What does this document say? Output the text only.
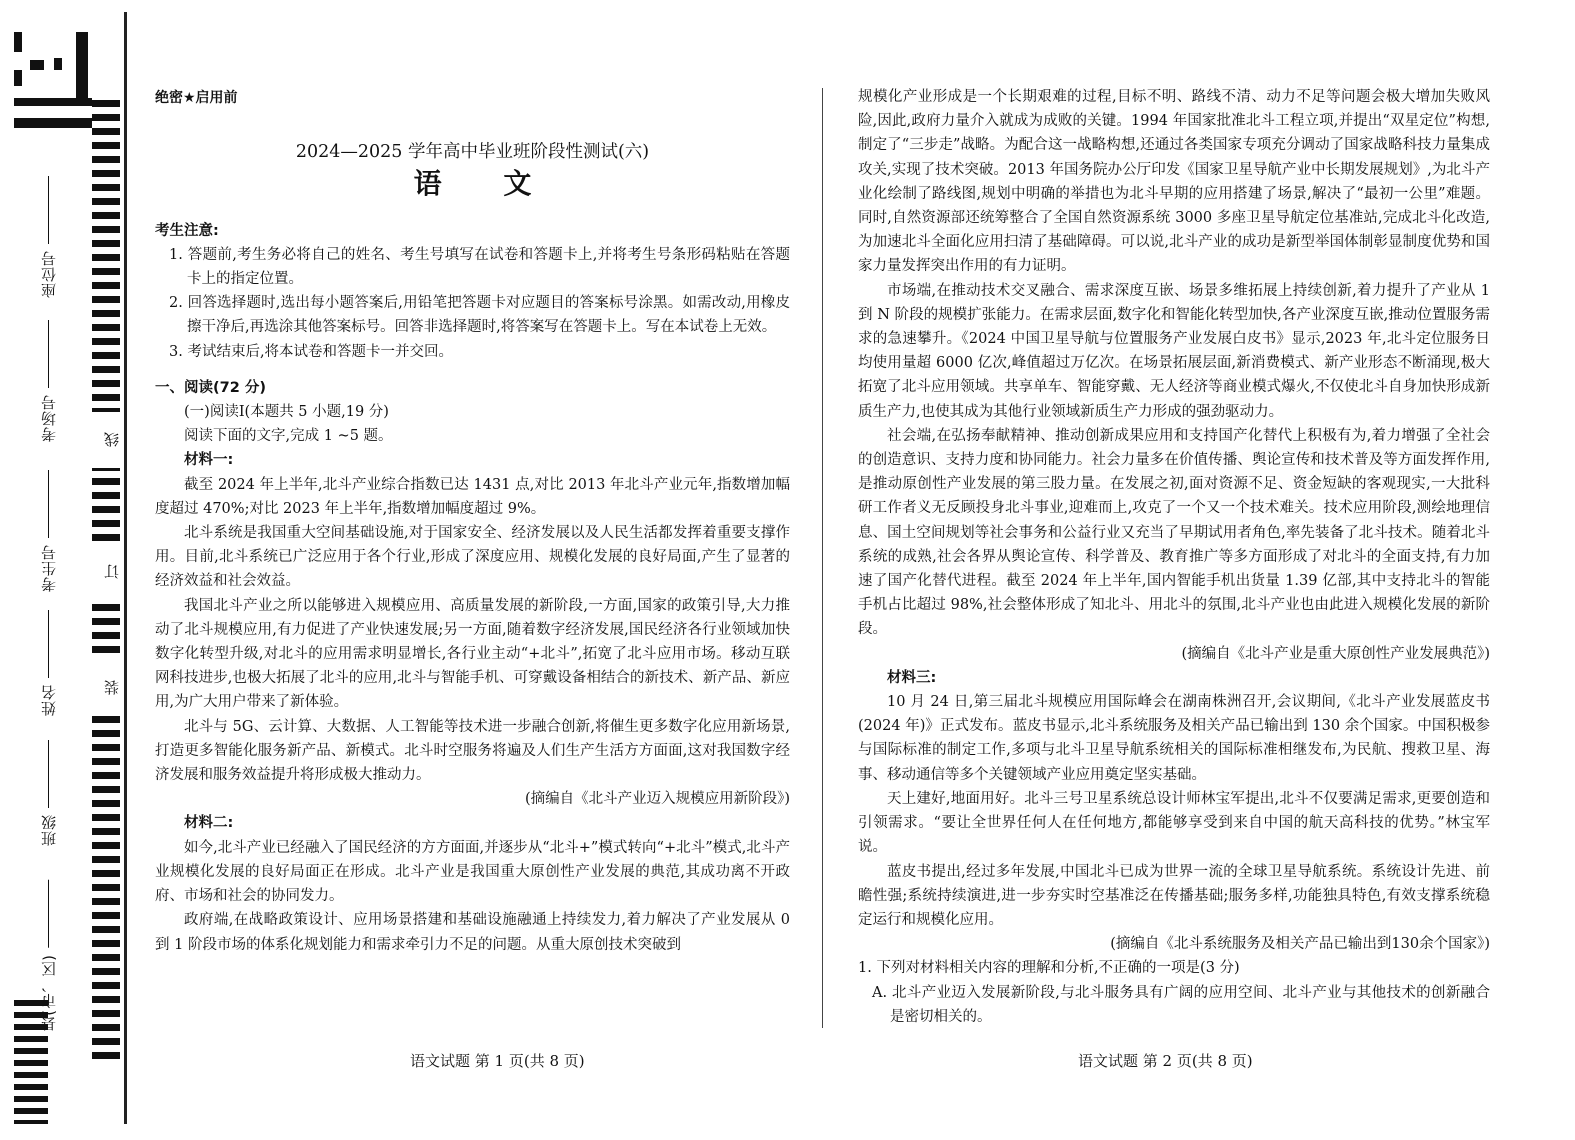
座位号
考场号
考生号
姓名
班级
县(市、区)
线
订
装

绝密★启用前

2024—2025 学年高中毕业班阶段性测试(六)

语 文

考生注意:

1. 答题前,考生务必将自己的姓名、考生号填写在试卷和答题卡上,并将考生号条形码粘贴在答题卡上的指定位置。

2. 回答选择题时,选出每小题答案后,用铅笔把答题卡对应题目的答案标号涂黑。如需改动,用橡皮擦干净后,再选涂其他答案标号。回答非选择题时,将答案写在答题卡上。写在本试卷上无效。

3. 考试结束后,将本试卷和答题卡一并交回。

一、阅读(72 分)

(一)阅读Ⅰ(本题共 5 小题,19 分)

阅读下面的文字,完成 1 ~5 题。

材料一:

截至 2024 年上半年,北斗产业综合指数已达 1431 点,对比 2013 年北斗产业元年,指数增加幅度超过 470%;对比 2023 年上半年,指数增加幅度超过 9%。

北斗系统是我国重大空间基础设施,对于国家安全、经济发展以及人民生活都发挥着重要支撑作用。目前,北斗系统已广泛应用于各个行业,形成了深度应用、规模化发展的良好局面,产生了显著的经济效益和社会效益。

我国北斗产业之所以能够进入规模应用、高质量发展的新阶段,一方面,国家的政策引导,大力推动了北斗规模应用,有力促进了产业快速发展;另一方面,随着数字经济发展,国民经济各行业领域加快数字化转型升级,对北斗的应用需求明显增长,各行业主动“+北斗”,拓宽了北斗应用市场。移动互联网科技进步,也极大拓展了北斗的应用,北斗与智能手机、可穿戴设备相结合的新技术、新产品、新应用,为广大用户带来了新体验。

北斗与 5G、云计算、大数据、人工智能等技术进一步融合创新,将催生更多数字化应用新场景,打造更多智能化服务新产品、新模式。北斗时空服务将遍及人们生产生活方方面面,这对我国数字经济发展和服务效益提升将形成极大推动力。

(摘编自《北斗产业迈入规模应用新阶段》)

材料二:

如今,北斗产业已经融入了国民经济的方方面面,并逐步从“北斗+”模式转向“+北斗”模式,北斗产业规模化发展的良好局面正在形成。北斗产业是我国重大原创性产业发展的典范,其成功离不开政府、市场和社会的协同发力。

政府端,在战略政策设计、应用场景搭建和基础设施融通上持续发力,着力解决了产业发展从 0 到 1 阶段市场的体系化规划能力和需求牵引力不足的问题。从重大原创技术突破到

规模化产业形成是一个长期艰难的过程,目标不明、路线不清、动力不足等问题会极大增加失败风险,因此,政府力量介入就成为成败的关键。1994 年国家批准北斗工程立项,并提出“双星定位”构想,制定了“三步走”战略。为配合这一战略构想,还通过各类国家专项充分调动了国家战略科技力量集成攻关,实现了技术突破。2013 年国务院办公厅印发《国家卫星导航产业中长期发展规划》,为北斗产业化绘制了路线图,规划中明确的举措也为北斗早期的应用搭建了场景,解决了“最初一公里”难题。同时,自然资源部还统筹整合了全国自然资源系统 3000 多座卫星导航定位基准站,完成北斗化改造,为加速北斗全面化应用扫清了基础障碍。可以说,北斗产业的成功是新型举国体制彰显制度优势和国家力量发挥突出作用的有力证明。

市场端,在推动技术交叉融合、需求深度互嵌、场景多维拓展上持续创新,着力提升了产业从 1 到 N 阶段的规模扩张能力。在需求层面,数字化和智能化转型加快,各产业深度互嵌,推动位置服务需求的急速攀升。《2024 中国卫星导航与位置服务产业发展白皮书》显示,2023 年,北斗定位服务日均使用量超 6000 亿次,峰值超过万亿次。在场景拓展层面,新消费模式、新产业形态不断涌现,极大拓宽了北斗应用领域。共享单车、智能穿戴、无人经济等商业模式爆火,不仅使北斗自身加快形成新质生产力,也使其成为其他行业领域新质生产力形成的强劲驱动力。

社会端,在弘扬奉献精神、推动创新成果应用和支持国产化替代上积极有为,着力增强了全社会的创造意识、支持力度和协同能力。社会力量多在价值传播、舆论宣传和技术普及等方面发挥作用,是推动原创性产业发展的第三股力量。在发展之初,面对资源不足、资金短缺的客观现实,一大批科研工作者义无反顾投身北斗事业,迎难而上,攻克了一个又一个技术难关。技术应用阶段,测绘地理信息、国土空间规划等社会事务和公益行业又充当了早期试用者角色,率先装备了北斗技术。随着北斗系统的成熟,社会各界从舆论宣传、科学普及、教育推广等多方面形成了对北斗的全面支持,有力加速了国产化替代进程。截至 2024 年上半年,国内智能手机出货量 1.39 亿部,其中支持北斗的智能手机占比超过 98%,社会整体形成了知北斗、用北斗的氛围,北斗产业也由此进入规模化发展的新阶段。

(摘编自《北斗产业是重大原创性产业发展典范》)

材料三:

10 月 24 日,第三届北斗规模应用国际峰会在湖南株洲召开,会议期间,《北斗产业发展蓝皮书(2024 年)》正式发布。蓝皮书显示,北斗系统服务及相关产品已输出到 130 余个国家。中国积极参与国际标准的制定工作,多项与北斗卫星导航系统相关的国际标准相继发布,为民航、搜救卫星、海事、移动通信等多个关键领域产业应用奠定坚实基础。

天上建好,地面用好。北斗三号卫星系统总设计师林宝军提出,北斗不仅要满足需求,更要创造和引领需求。“要让全世界任何人在任何地方,都能够享受到来自中国的航天高科技的优势。”林宝军说。

蓝皮书提出,经过多年发展,中国北斗已成为世界一流的全球卫星导航系统。系统设计先进、前瞻性强;系统持续演进,进一步夯实时空基准泛在传播基础;服务多样,功能独具特色,有效支撑系统稳定运行和规模化应用。

(摘编自《北斗系统服务及相关产品已输出到130余个国家》)

1. 下列对材料相关内容的理解和分析,不正确的一项是(3 分)

A. 北斗产业迈入发展新阶段,与北斗服务具有广阔的应用空间、北斗产业与其他技术的创新融合是密切相关的。

语文试题 第 1 页(共 8 页)	语文试题 第 2 页(共 8 页)
